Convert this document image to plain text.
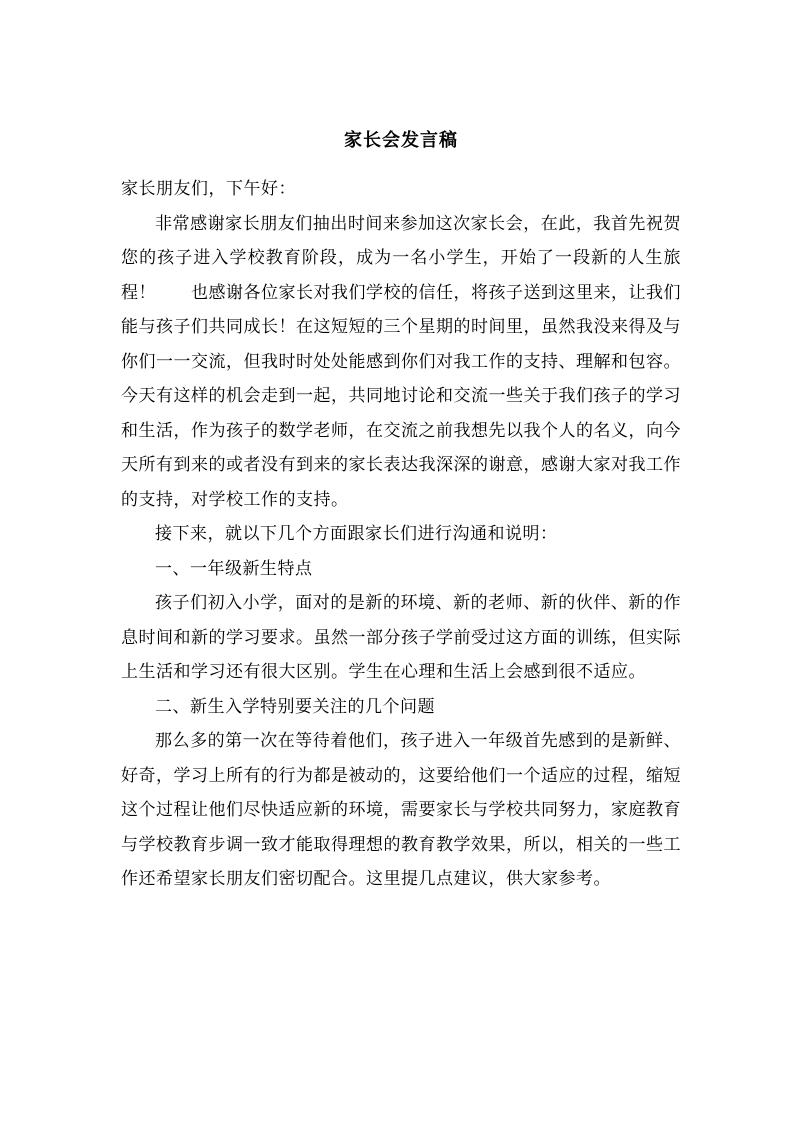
家长会发言稿

家长朋友们，下午好：

非常感谢家长朋友们抽出时间来参加这次家长会，在此，我首先祝贺您的孩子进入学校教育阶段，成为一名小学生，开始了一段新的人生旅程！　　也感谢各位家长对我们学校的信任，将孩子送到这里来，让我们能与孩子们共同成长！在这短短的三个星期的时间里，虽然我没来得及与你们一一交流，但我时时处处能感到你们对我工作的支持、理解和包容。今天有这样的机会走到一起，共同地讨论和交流一些关于我们孩子的学习和生活，作为孩子的数学老师，在交流之前我想先以我个人的名义，向今天所有到来的或者没有到来的家长表达我深深的谢意，感谢大家对我工作的支持，对学校工作的支持。

接下来，就以下几个方面跟家长们进行沟通和说明：

一、一年级新生特点

孩子们初入小学，面对的是新的环境、新的老师、新的伙伴、新的作息时间和新的学习要求。虽然一部分孩子学前受过这方面的训练，但实际上生活和学习还有很大区别。学生在心理和生活上会感到很不适应。

二、新生入学特别要关注的几个问题

那么多的第一次在等待着他们，孩子进入一年级首先感到的是新鲜、好奇，学习上所有的行为都是被动的，这要给他们一个适应的过程，缩短这个过程让他们尽快适应新的环境，需要家长与学校共同努力，家庭教育与学校教育步调一致才能取得理想的教育教学效果，所以，相关的一些工作还希望家长朋友们密切配合。这里提几点建议，供大家参考。
